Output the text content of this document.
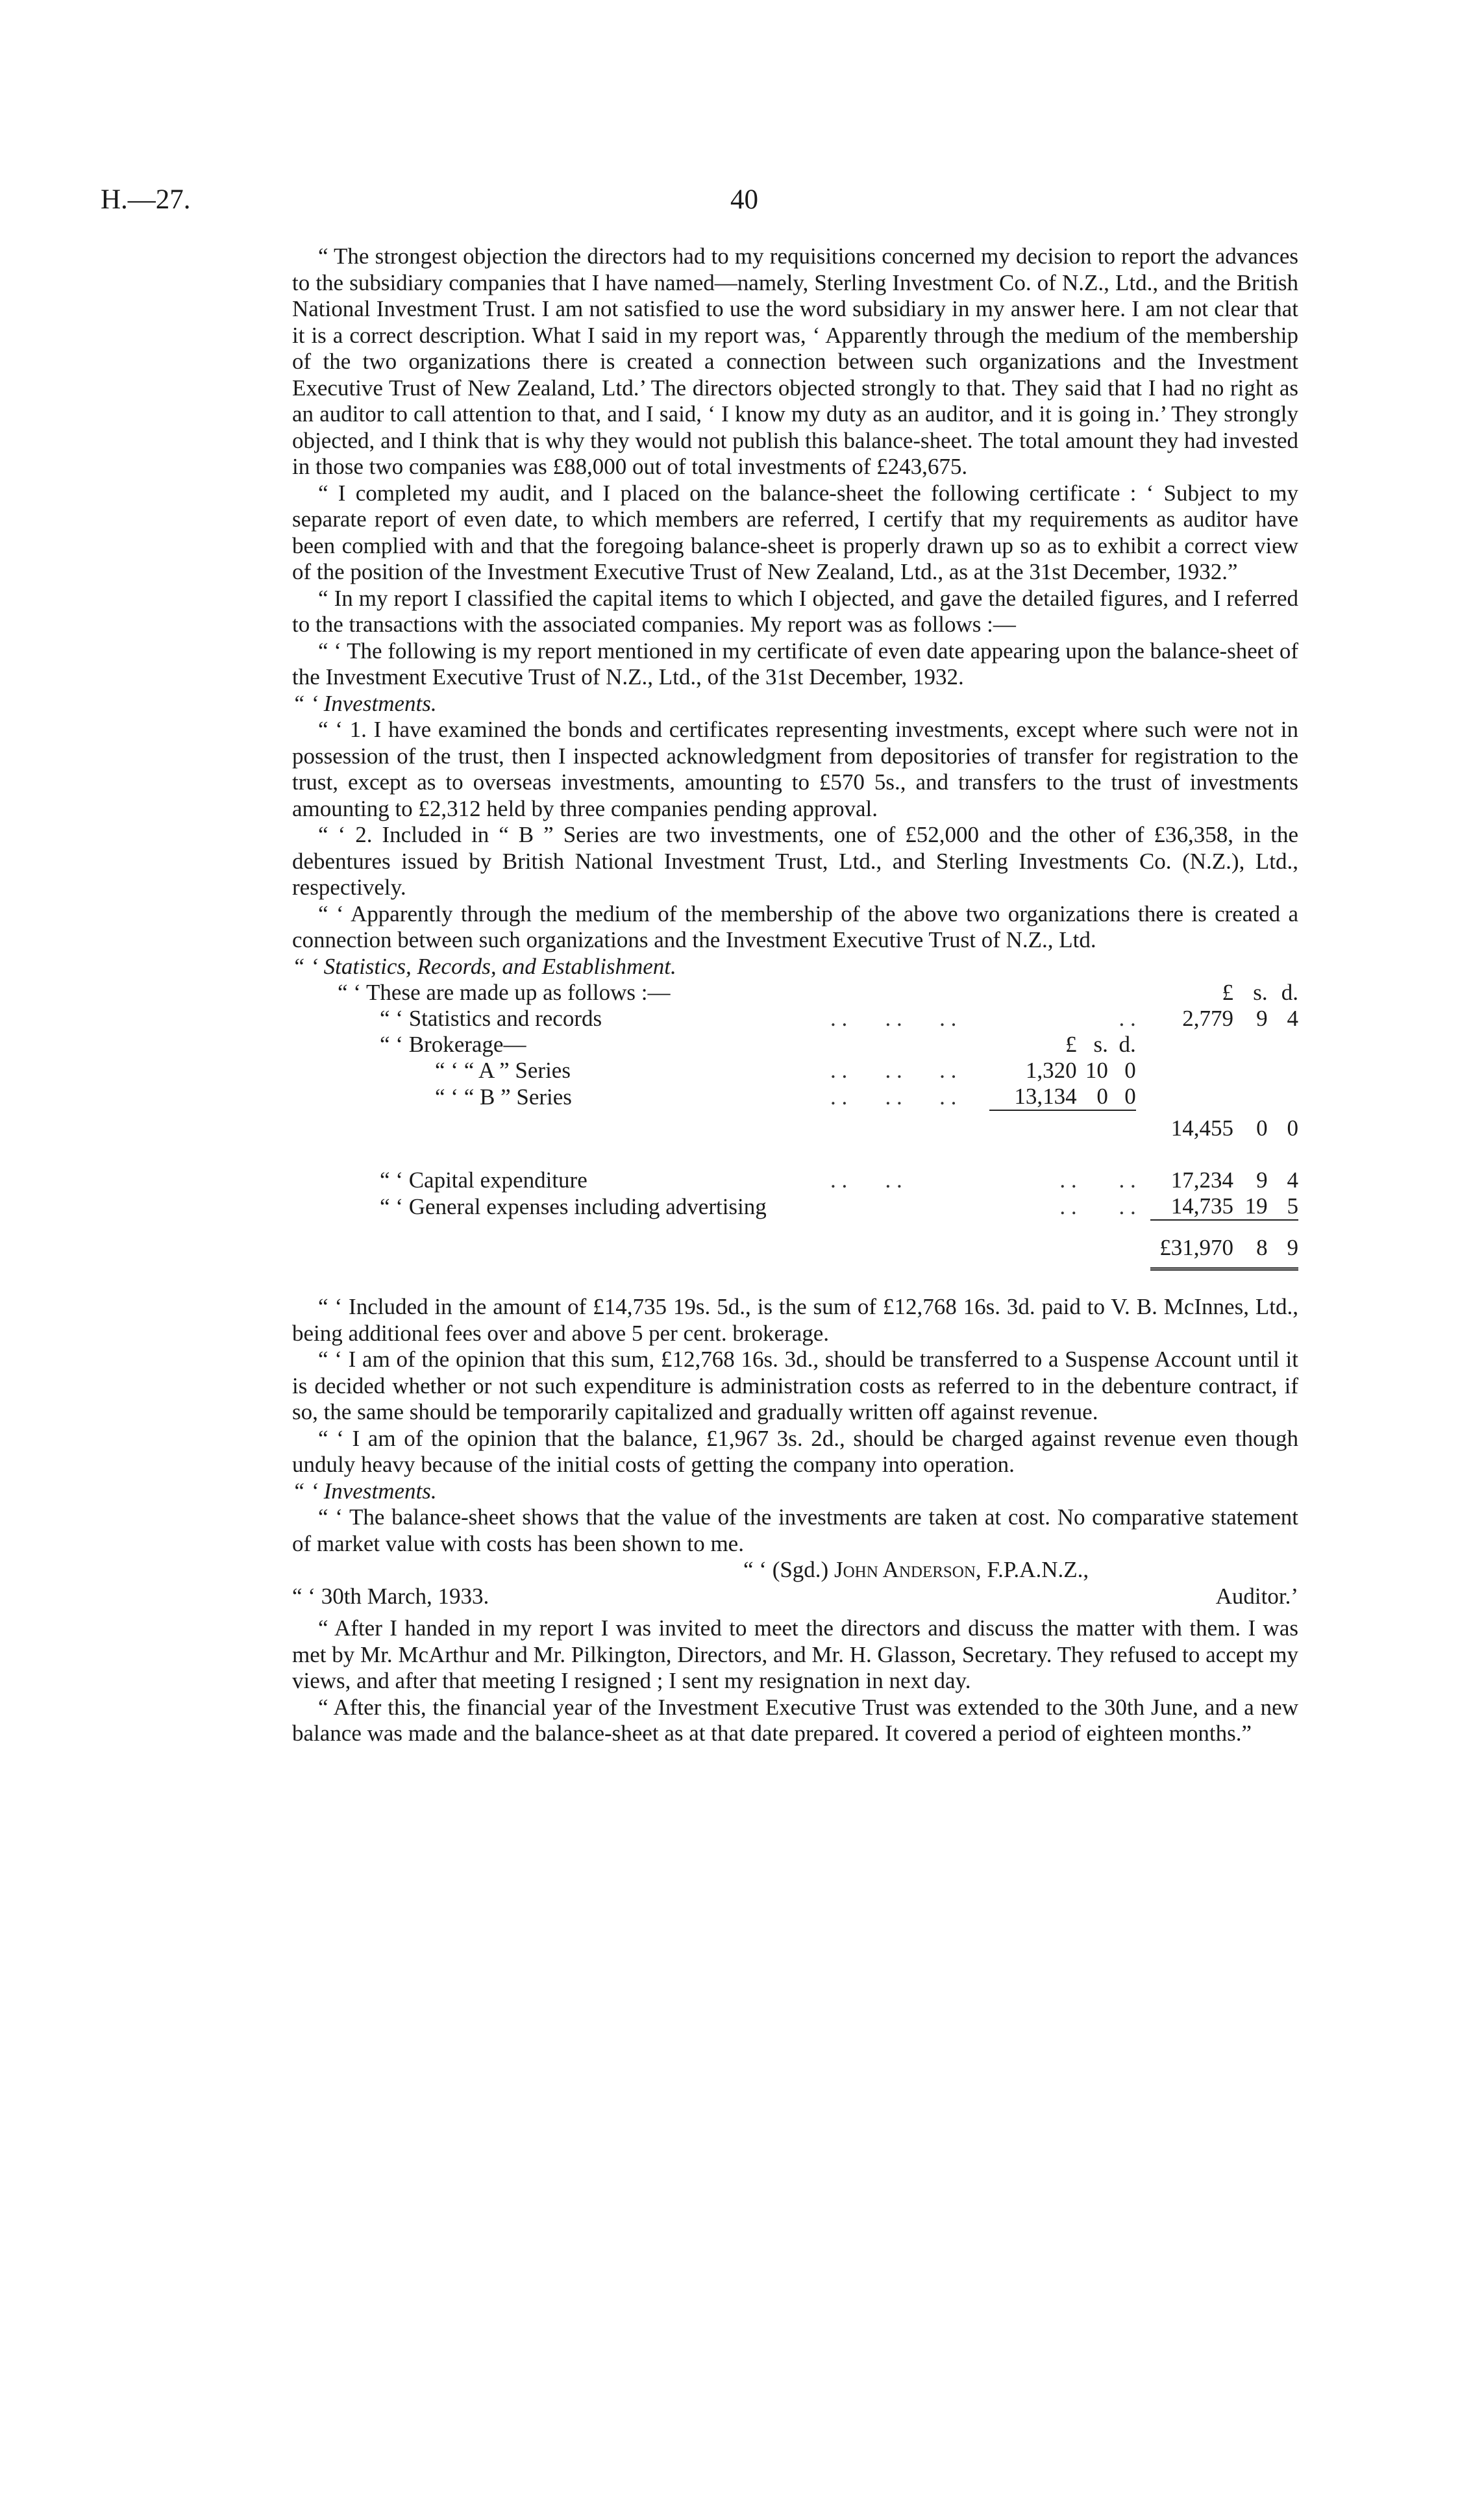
H.—27.	40

“ The strongest objection the directors had to my requisitions concerned my decision to report the advances to the subsidiary companies that I have named—namely, Sterling Investment Co. of N.Z., Ltd., and the British National Investment Trust. I am not satisfied to use the word subsidiary in my answer here. I am not clear that it is a correct description. What I said in my report was, ‘ Apparently through the medium of the membership of the two organizations there is created a connection between such organizations and the Investment Executive Trust of New Zealand, Ltd.’ The directors objected strongly to that. They said that I had no right as an auditor to call attention to that, and I said, ‘ I know my duty as an auditor, and it is going in.’ They strongly objected, and I think that is why they would not publish this balance-sheet. The total amount they had invested in those two companies was £88,000 out of total investments of £243,675.

“ I completed my audit, and I placed on the balance-sheet the following certificate : ‘ Subject to my separate report of even date, to which members are referred, I certify that my requirements as auditor have been complied with and that the foregoing balance-sheet is properly drawn up so as to exhibit a correct view of the position of the Investment Executive Trust of New Zealand, Ltd., as at the 31st December, 1932.”

“ In my report I classified the capital items to which I objected, and gave the detailed figures, and I referred to the transactions with the associated companies. My report was as follows :—

“ ‘ The following is my report mentioned in my certificate of even date appearing upon the balance-sheet of the Investment Executive Trust of N.Z., Ltd., of the 31st December, 1932.

“ ‘ Investments.

“ ‘ 1. I have examined the bonds and certificates representing investments, except where such were not in possession of the trust, then I inspected acknowledgment from depositories of transfer for registration to the trust, except as to overseas investments, amounting to £570 5s., and transfers to the trust of investments amounting to £2,312 held by three companies pending approval.

“ ‘ 2. Included in “ B ” Series are two investments, one of £52,000 and the other of £36,358, in the debentures issued by British National Investment Trust, Ltd., and Sterling Investments Co. (N.Z.), Ltd., respectively.

“ ‘ Apparently through the medium of the membership of the above two organizations there is created a connection between such organizations and the Investment Executive Trust of N.Z., Ltd.

“ ‘ Statistics, Records, and Establishment.

“ ‘ These are made up as follows :—									£	s.	d.
“ ‘ Statistics and records	. .	. .	. .				. .		2,779	9	4
“ ‘ Brokerage—					£	s.	d.				
“ ‘ “ A ” Series	. .	. .	. .		1,320	10	0				
“ ‘ “ B ” Series	. .	. .	. .		13,134	0	0				
									14,455	0	0

“ ‘ Capital expenditure	. .	. .			. .		. .		17,234	9	4
“ ‘ General expenses including advertising					. .		. .		14,735	19	5
									£31,970	8	9

“ ‘ Included in the amount of £14,735 19s. 5d., is the sum of £12,768 16s. 3d. paid to V. B. McInnes, Ltd., being additional fees over and above 5 per cent. brokerage.

“ ‘ I am of the opinion that this sum, £12,768 16s. 3d., should be transferred to a Suspense Account until it is decided whether or not such expenditure is administration costs as referred to in the debenture contract, if so, the same should be temporarily capitalized and gradually written off against revenue.

“ ‘ I am of the opinion that the balance, £1,967 3s. 2d., should be charged against revenue even though unduly heavy because of the initial costs of getting the company into operation.

“ ‘ Investments.

“ ‘ The balance-sheet shows that the value of the investments are taken at cost. No comparative statement of market value with costs has been shown to me.

“ ‘ (Sgd.) John Anderson, F.P.A.N.Z.,
“ ‘ 30th March, 1933.	Auditor.’

“ After I handed in my report I was invited to meet the directors and discuss the matter with them. I was met by Mr. McArthur and Mr. Pilkington, Directors, and Mr. H. Glasson, Secretary. They refused to accept my views, and after that meeting I resigned ; I sent my resignation in next day.

“ After this, the financial year of the Investment Executive Trust was extended to the 30th June, and a new balance was made and the balance-sheet as at that date prepared. It covered a period of eighteen months.”
